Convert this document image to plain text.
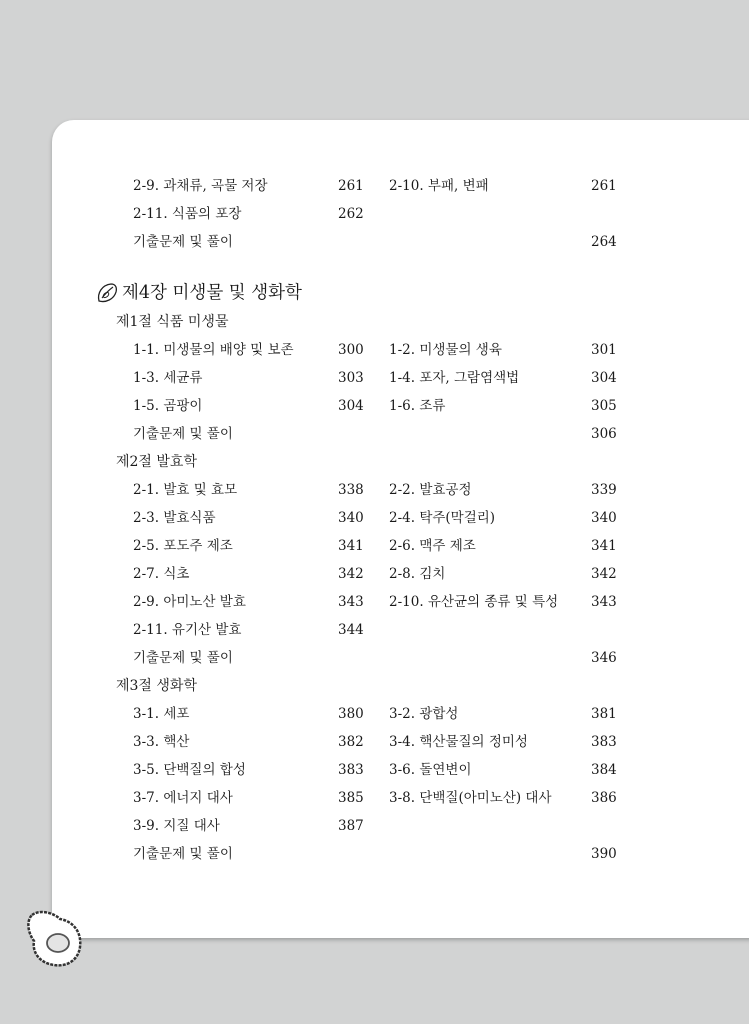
2-9. 과채류, 곡물 저장	261 2-10. 부패, 변패	261
2-11. 식품의 포장	262
기출문제 및 풀이	264
제4장 미생물 및 생화학
제1절 식품 미생물
1-1. 미생물의 배양 및 보존	300 1-2. 미생물의 생육	301
1-3. 세균류	303 1-4. 포자, 그람염색법	304
1-5. 곰팡이	304 1-6. 조류	305
기출문제 및 풀이	306
제2절 발효학
2-1. 발효 및 효모	338 2-2. 발효공정	339
2-3. 발효식품	340 2-4. 탁주(막걸리)	340
2-5. 포도주 제조	341 2-6. 맥주 제조	341
2-7. 식초	342 2-8. 김치	342
2-9. 아미노산 발효	343 2-10. 유산균의 종류 및 특성 343
2-11. 유기산 발효	344
기출문제 및 풀이	346
제3절 생화학
3-1. 세포	380 3-2. 광합성	381
3-3. 핵산	382 3-4. 핵산물질의 정미성	383
3-5. 단백질의 합성	383 3-6. 돌연변이	384
3-7. 에너지 대사	385 3-8. 단백질(아미노산) 대사	386
3-9. 지질 대사	387
기출문제 및 풀이	390
